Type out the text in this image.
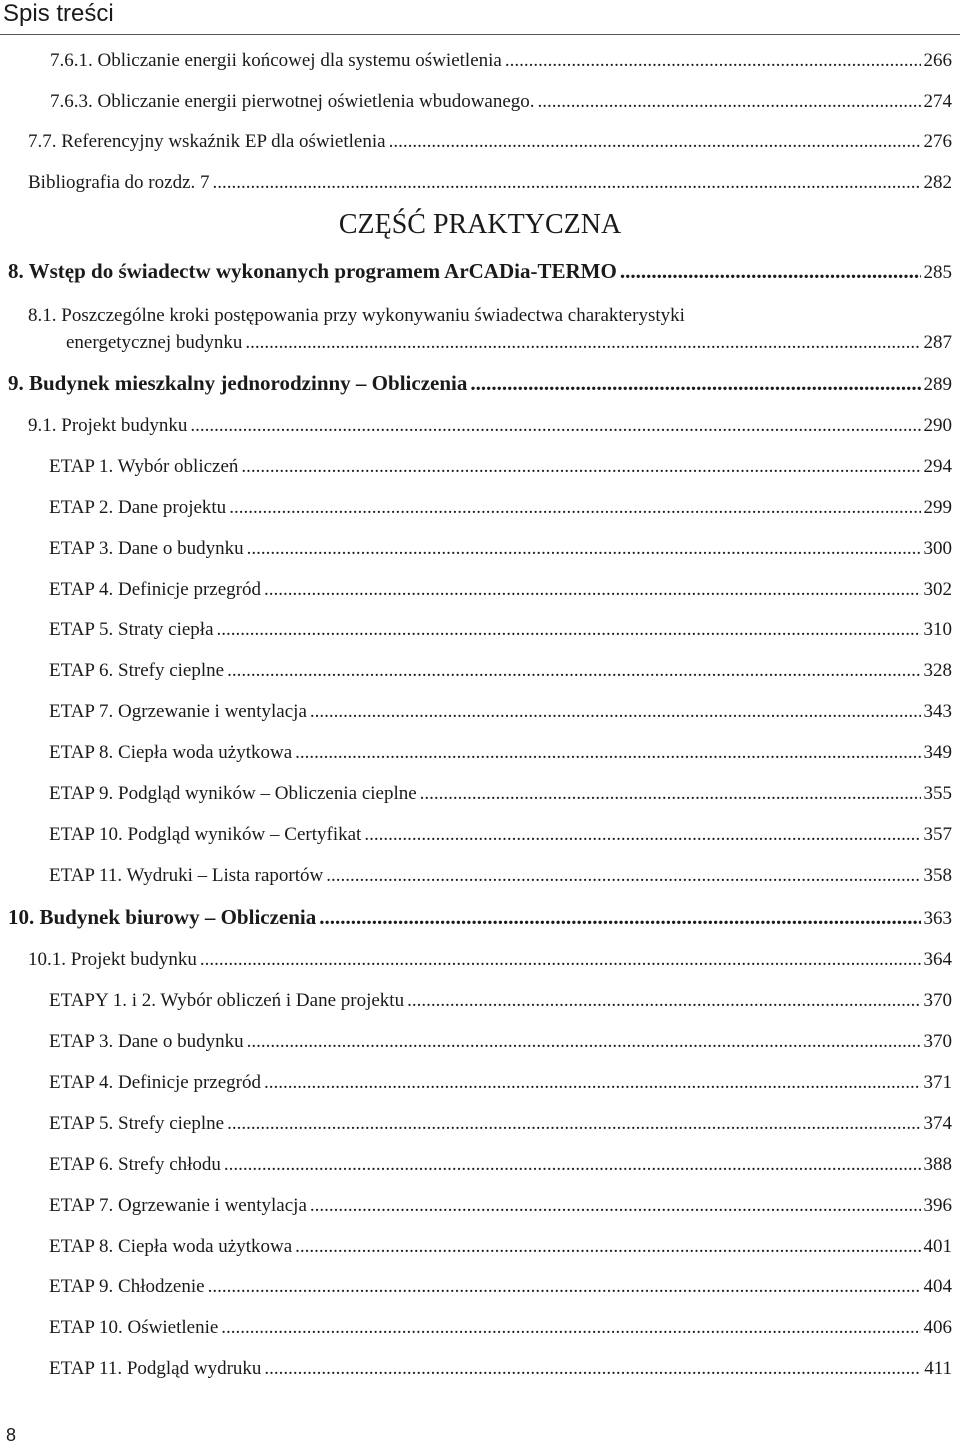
Spis treści
7.6.1. Obliczanie energii końcowej dla systemu oświetlenia .....	266
7.6.3. Obliczanie energii pierwotnej oświetlenia wbudowanego. .....	274
7.7. Referencyjny wskaźnik EP dla oświetlenia .....	276
Bibliografia do rozdz. 7 .....	282
CZĘŚĆ PRAKTYCZNA
8. Wstęp do świadectw wykonanych programem ArCADia-TERMO .....	285
8.1. Poszczególne kroki postępowania przy wykonywaniu świadectwa charakterystyki
energetycznej budynku .....	287
9. Budynek mieszkalny jednorodzinny – Obliczenia .....	289
9.1. Projekt budynku .....	290
ETAP 1. Wybór obliczeń .....	294
ETAP 2. Dane projektu .....	299
ETAP 3. Dane o budynku .....	300
ETAP 4. Definicje przegród .....	302
ETAP 5. Straty ciepła .....	310
ETAP 6. Strefy cieplne .....	328
ETAP 7. Ogrzewanie i wentylacja .....	343
ETAP 8. Ciepła woda użytkowa .....	349
ETAP 9. Podgląd wyników – Obliczenia cieplne .....	355
ETAP 10. Podgląd wyników – Certyfikat .....	357
ETAP 11. Wydruki – Lista raportów .....	358
10. Budynek biurowy – Obliczenia .....	363
10.1. Projekt budynku .....	364
ETAPY 1. i 2. Wybór obliczeń i Dane projektu .....	370
ETAP 3. Dane o budynku .....	370
ETAP 4. Definicje przegród .....	371
ETAP 5. Strefy cieplne .....	374
ETAP 6. Strefy chłodu .....	388
ETAP 7. Ogrzewanie i wentylacja .....	396
ETAP 8. Ciepła woda użytkowa .....	401
ETAP 9. Chłodzenie .....	404
ETAP 10. Oświetlenie .....	406
ETAP 11. Podgląd wydruku .....	411
8
